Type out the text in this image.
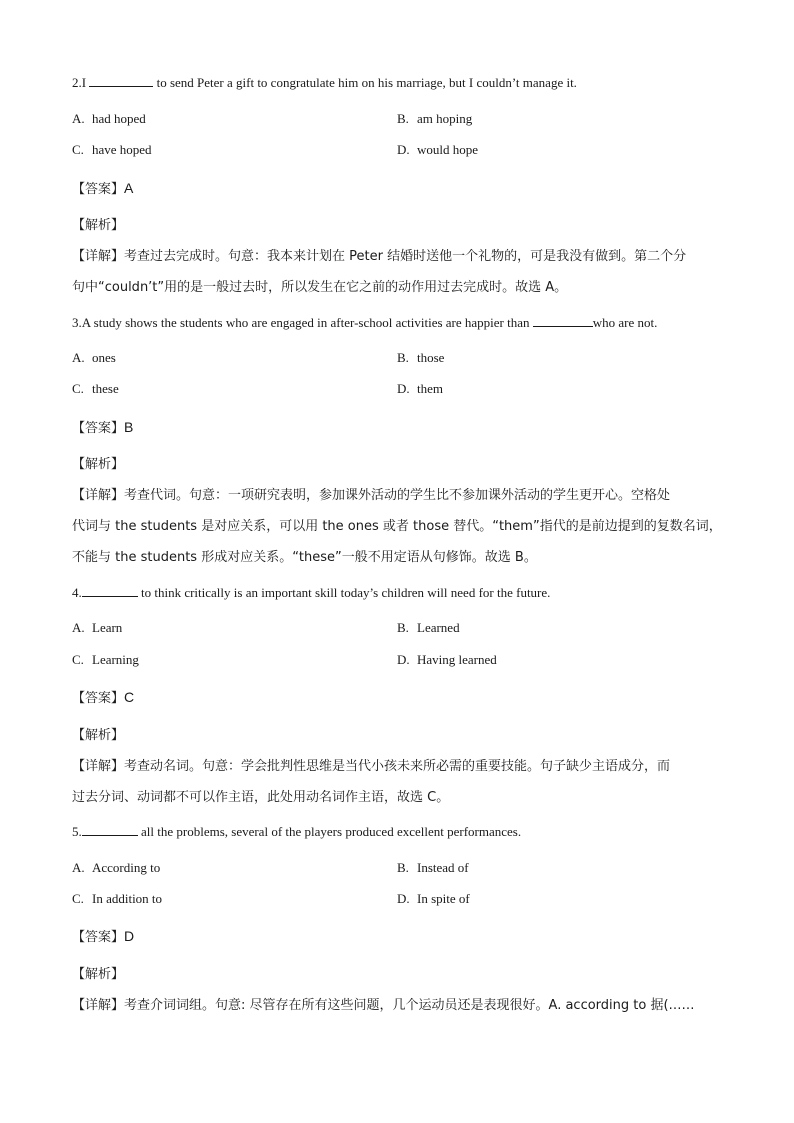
2.I	to send Peter a gift to congratulate him on his marriage, but I couldn’t manage it.
A. had hoped	B. am hoping
C. have hoped	D. would hope
【答案】A
【解析】
【详解】考查过去完成时。句意：我本来计划在 Peter 结婚时送他一个礼物的，可是我没有做到。第二个分
句中“couldn’t”用的是一般过去时，所以发生在它之前的动作用过去完成时。故选 A。
3.A study shows the students who are engaged in after-school activities are happier than	who are not.
A. ones	B. those
C. these	D. them
【答案】B
【解析】
【详解】考查代词。句意：一项研究表明，参加课外活动的学生比不参加课外活动的学生更开心。空格处
代词与 the students 是对应关系，可以用 the ones 或者 those 替代。“them”指代的是前边提到的复数名词，
不能与 the students 形成对应关系。“these”一般不用定语从句修饰。故选 B。
4.	to think critically is an important skill today’s children will need for the future.
A. Learn	B. Learned
C. Learning	D. Having learned
【答案】C
【解析】
【详解】考查动名词。句意：学会批判性思维是当代小孩未来所必需的重要技能。句子缺少主语成分，而
过去分词、动词都不可以作主语，此处用动名词作主语，故选 C。
5.	all the problems, several of the players produced excellent performances.
A. According to	B. Instead of
C. In addition to	D. In spite of
【答案】D
【解析】
【详解】考查介词词组。句意: 尽管存在所有这些问题，几个运动员还是表现很好。A. according to 据(……
